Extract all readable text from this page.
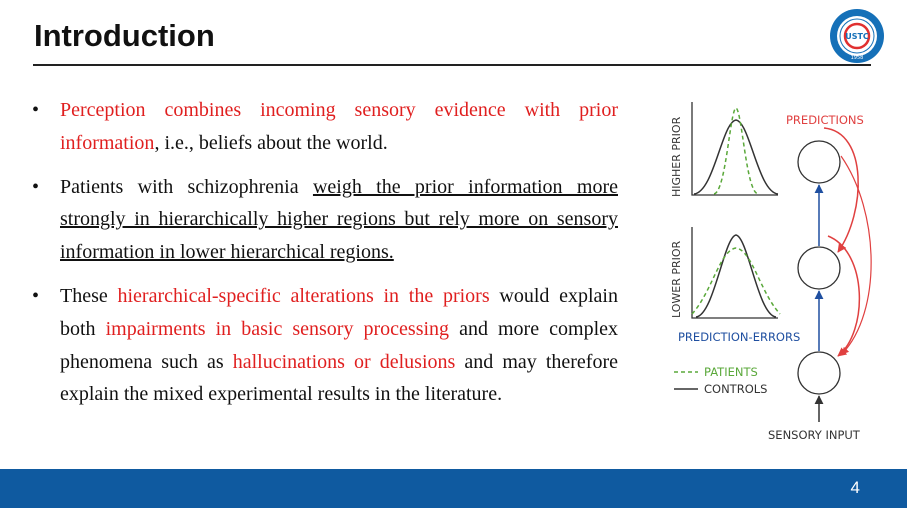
Introduction	USTC
1958
• Perception combines incoming sensory evidence with prior information, i.e., beliefs about the world.
• Patients with schizophrenia weigh the prior information more strongly in hierarchically higher regions but rely more on sensory information in lower hierarchical regions.
• These hierarchical-specific alterations in the priors would explain both impairments in basic sensory processing and more complex phenomena such as hallucinations or delusions and may therefore explain the mixed experimental results in the literature.
HIGHER PRIOR
LOWER PRIOR
PREDICTIONS
PREDICTION-ERRORS
PATIENTS
CONTROLS
SENSORY INPUT
4
